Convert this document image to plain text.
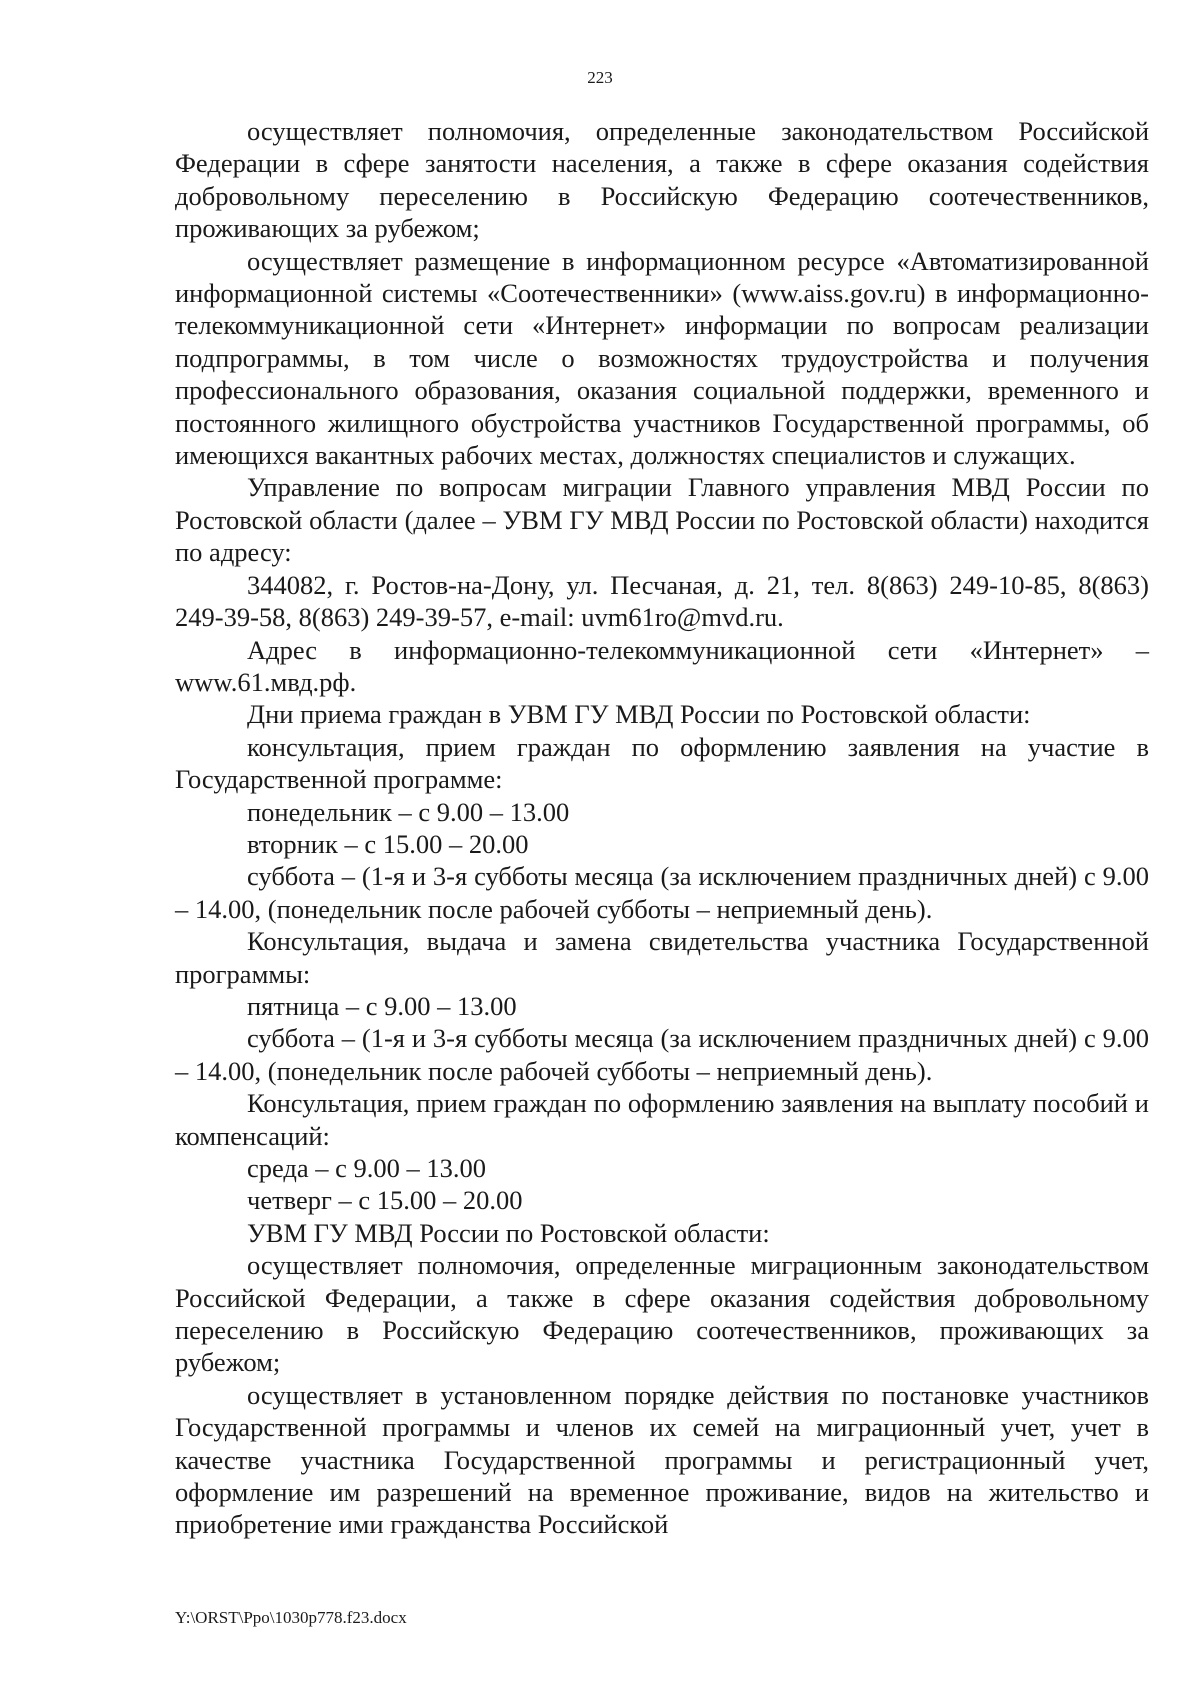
223

осуществляет полномочия, определенные законодательством Российской Федерации в сфере занятости населения, а также в сфере оказания содействия добровольному переселению в Российскую Федерацию соотечественников, проживающих за рубежом;

осуществляет размещение в информационном ресурсе «Автоматизированной информационной системы «Соотечественники» (www.aiss.gov.ru) в информационно-телекоммуникационной сети «Интернет» информации по вопросам реализации подпрограммы, в том числе о возможностях трудоустройства и получения профессионального образования, оказания социальной поддержки, временного и постоянного жилищного обустройства участников Государственной программы, об имеющихся вакантных рабочих местах, должностях специалистов и служащих.

Управление по вопросам миграции Главного управления МВД России по Ростовской области (далее – УВМ ГУ МВД России по Ростовской области) находится по адресу:

344082, г. Ростов-на-Дону, ул. Песчаная, д. 21, тел. 8(863) 249-10-85, 8(863) 249-39-58, 8(863) 249-39-57, e-mail: uvm61ro@mvd.ru.

Адрес в информационно-телекоммуникационной сети «Интернет» – www.61.мвд.рф.

Дни приема граждан в УВМ ГУ МВД России по Ростовской области:

консультация, прием граждан по оформлению заявления на участие в Государственной программе:

понедельник – с 9.00 – 13.00

вторник – с 15.00 – 20.00

суббота – (1-я и 3-я субботы месяца (за исключением праздничных дней) с 9.00 – 14.00, (понедельник после рабочей субботы – неприемный день).

Консультация, выдача и замена свидетельства участника Государственной программы:

пятница – с 9.00 – 13.00

суббота – (1-я и 3-я субботы месяца (за исключением праздничных дней) с 9.00 – 14.00, (понедельник после рабочей субботы – неприемный день).

Консультация, прием граждан по оформлению заявления на выплату пособий и компенсаций:

среда – с 9.00 – 13.00

четверг – с 15.00 – 20.00

УВМ ГУ МВД России по Ростовской области:

осуществляет полномочия, определенные миграционным законодательством Российской Федерации, а также в сфере оказания содействия добровольному переселению в Российскую Федерацию соотечественников, проживающих за рубежом;

осуществляет в установленном порядке действия по постановке участников Государственной программы и членов их семей на миграционный учет, учет в качестве участника Государственной программы и регистрационный учет, оформление им разрешений на временное проживание, видов на жительство и приобретение ими гражданства Российской

Y:\ORST\Ppo\1030p778.f23.docx
